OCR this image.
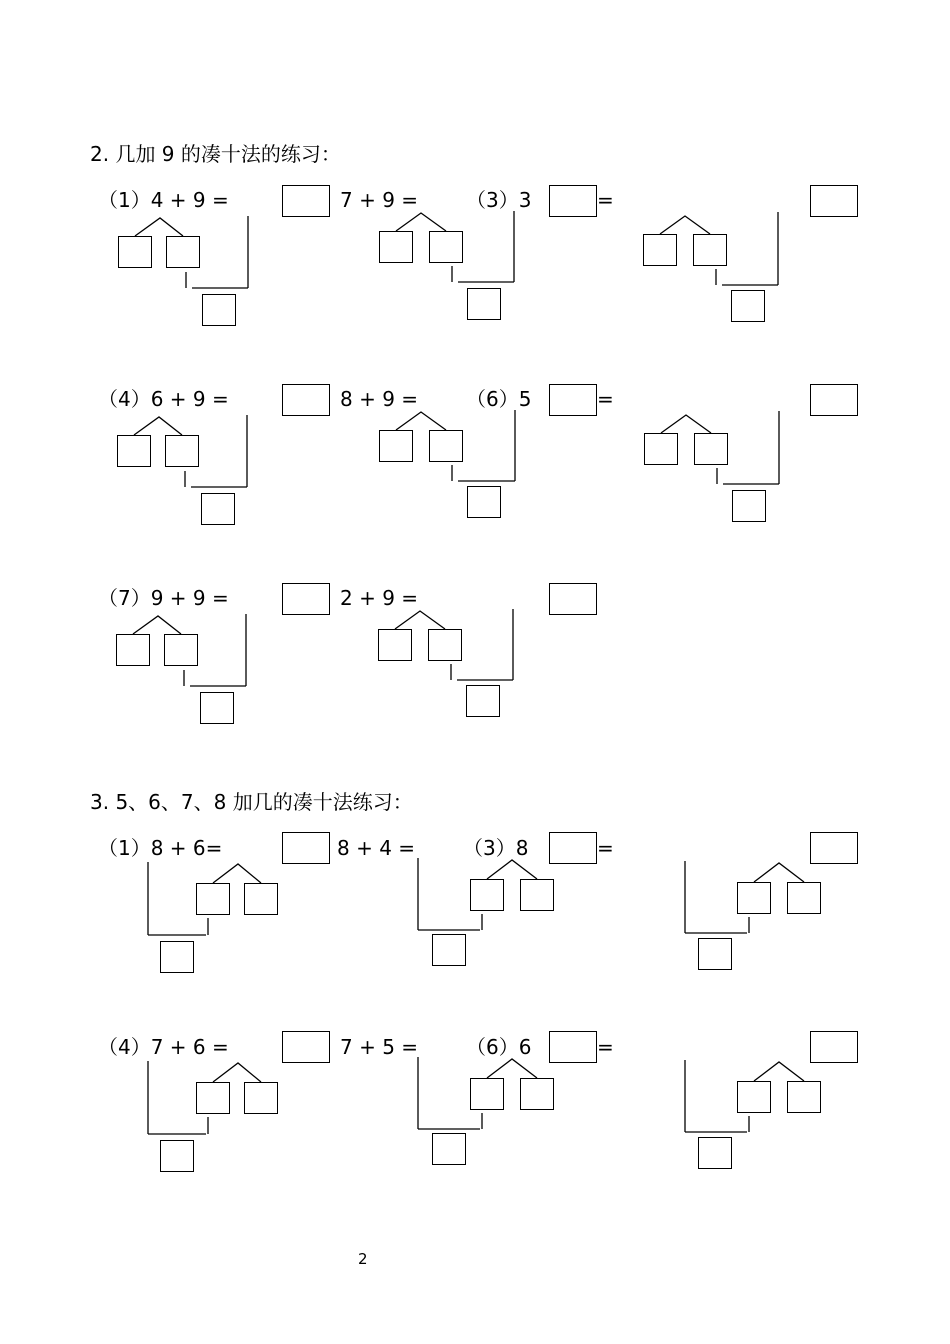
2. 几加 9 的凑十法的练习：
（1）4 + 9 =	7 + 9 = （3）3	=
（4）6 + 9 =	8 + 9 = （6）5	=
（7）9 + 9 =	2 + 9 =
3. 5、6、7、8 加几的凑十法练习：
（1）8 + 6=	8 + 4 = （3）8	=
（4）7 + 6 =	7 + 5 = （6）6	=
2
